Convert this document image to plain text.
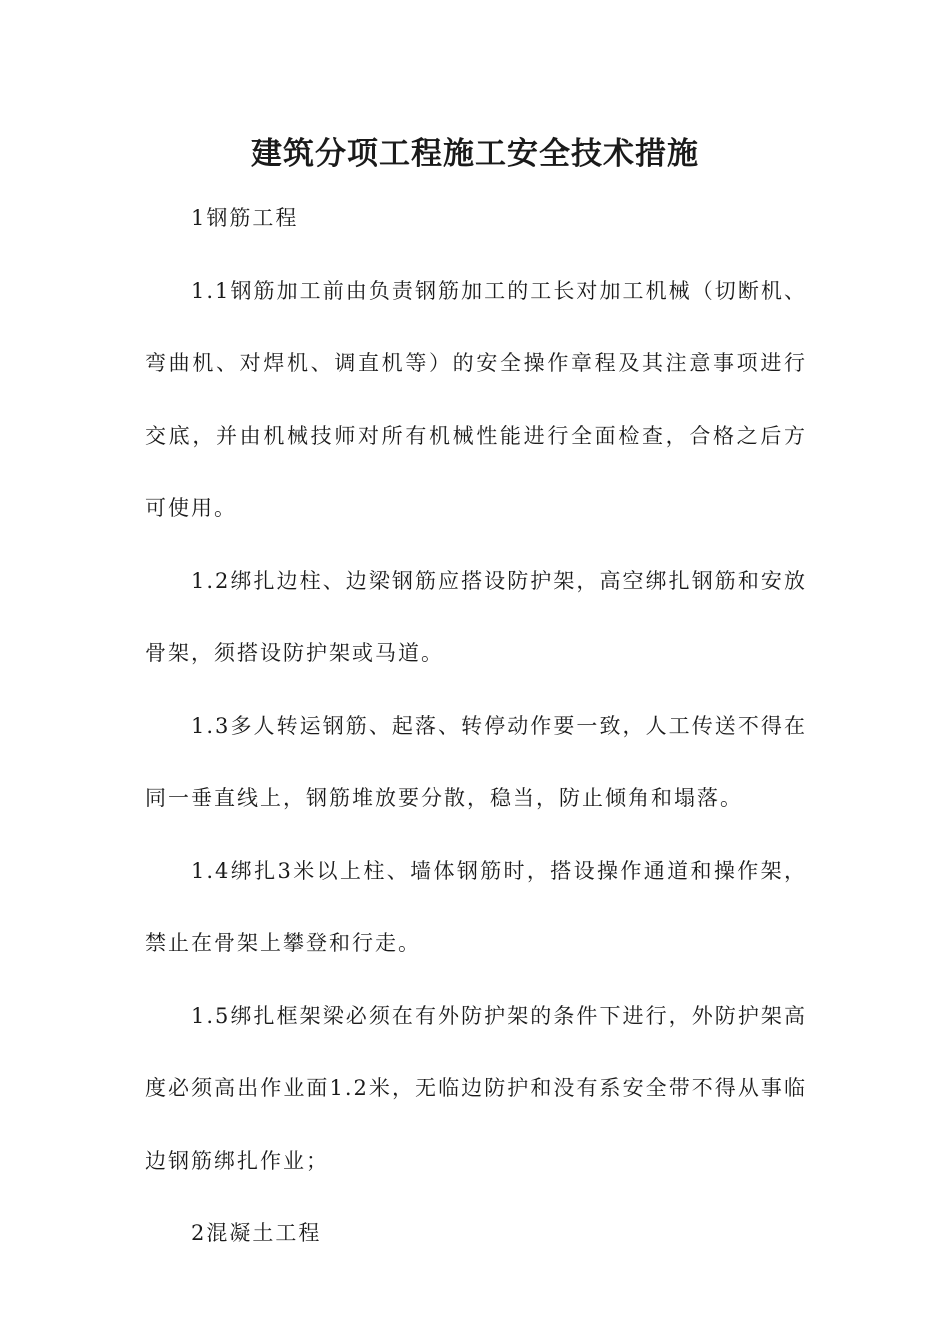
建筑分项工程施工安全技术措施

1钢筋工程

1.1钢筋加工前由负责钢筋加工的工长对加工机械（切断机、弯曲机、对焊机、调直机等）的安全操作章程及其注意事项进行交底，并由机械技师对所有机械性能进行全面检查，合格之后方可使用。

1.2绑扎边柱、边梁钢筋应搭设防护架，高空绑扎钢筋和安放骨架，须搭设防护架或马道。

1.3多人转运钢筋、起落、转停动作要一致，人工传送不得在同一垂直线上，钢筋堆放要分散，稳当，防止倾角和塌落。

1.4绑扎3米以上柱、墙体钢筋时，搭设操作通道和操作架，禁止在骨架上攀登和行走。

1.5绑扎框架梁必须在有外防护架的条件下进行，外防护架高度必须高出作业面1.2米，无临边防护和没有系安全带不得从事临边钢筋绑扎作业；

2混凝土工程
